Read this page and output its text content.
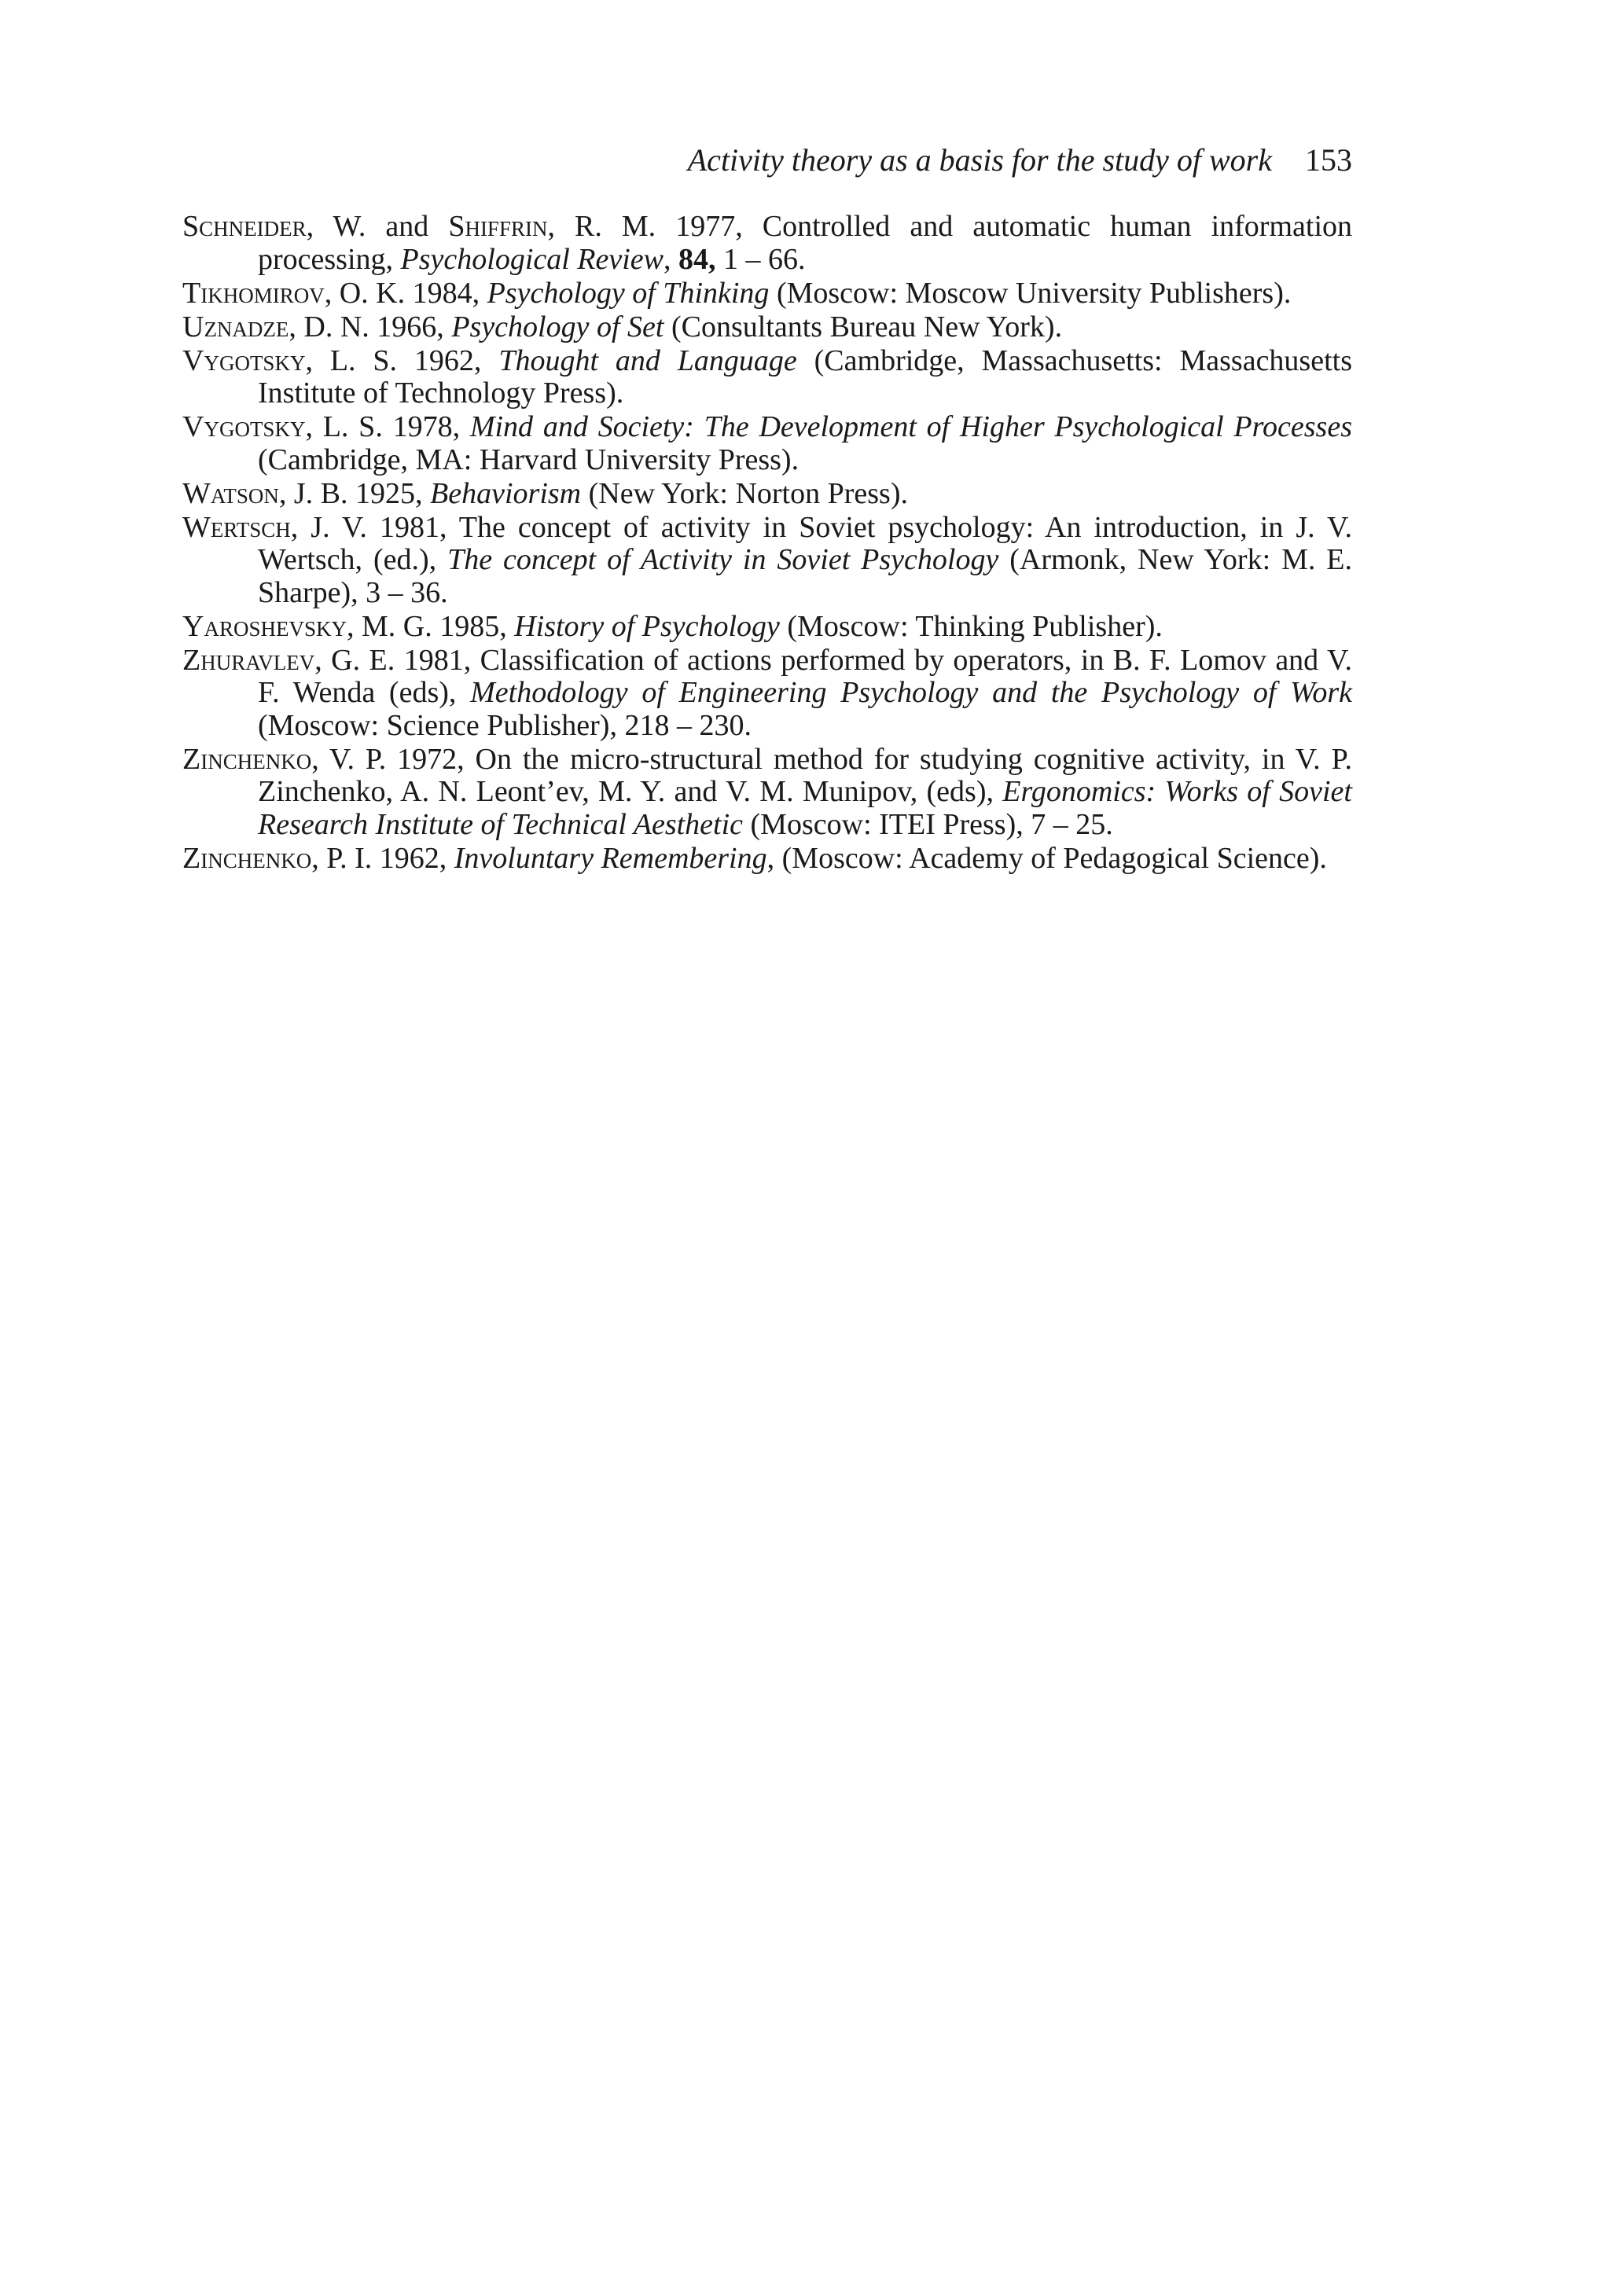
Activity theory as a basis for the study of work 153

Schneider, W. and Shiffrin, R. M. 1977, Controlled and automatic human information processing, Psychological Review, 84, 1 – 66.

Tikhomirov, O. K. 1984, Psychology of Thinking (Moscow: Moscow University Publishers).

Uznadze, D. N. 1966, Psychology of Set (Consultants Bureau New York).

Vygotsky, L. S. 1962, Thought and Language (Cambridge, Massachusetts: Massachusetts Institute of Technology Press).

Vygotsky, L. S. 1978, Mind and Society: The Development of Higher Psychological Processes (Cambridge, MA: Harvard University Press).

Watson, J. B. 1925, Behaviorism (New York: Norton Press).

Wertsch, J. V. 1981, The concept of activity in Soviet psychology: An introduction, in J. V. Wertsch, (ed.), The concept of Activity in Soviet Psychology (Armonk, New York: M. E. Sharpe), 3 – 36.

Yaroshevsky, M. G. 1985, History of Psychology (Moscow: Thinking Publisher).

Zhuravlev, G. E. 1981, Classification of actions performed by operators, in B. F. Lomov and V. F. Wenda (eds), Methodology of Engineering Psychology and the Psychology of Work (Moscow: Science Publisher), 218 – 230.

Zinchenko, V. P. 1972, On the micro-structural method for studying cognitive activity, in V. P. Zinchenko, A. N. Leont’ev, M. Y. and V. M. Munipov, (eds), Ergonomics: Works of Soviet Research Institute of Technical Aesthetic (Moscow: ITEI Press), 7 – 25.

Zinchenko, P. I. 1962, Involuntary Remembering, (Moscow: Academy of Pedagogical Science).
